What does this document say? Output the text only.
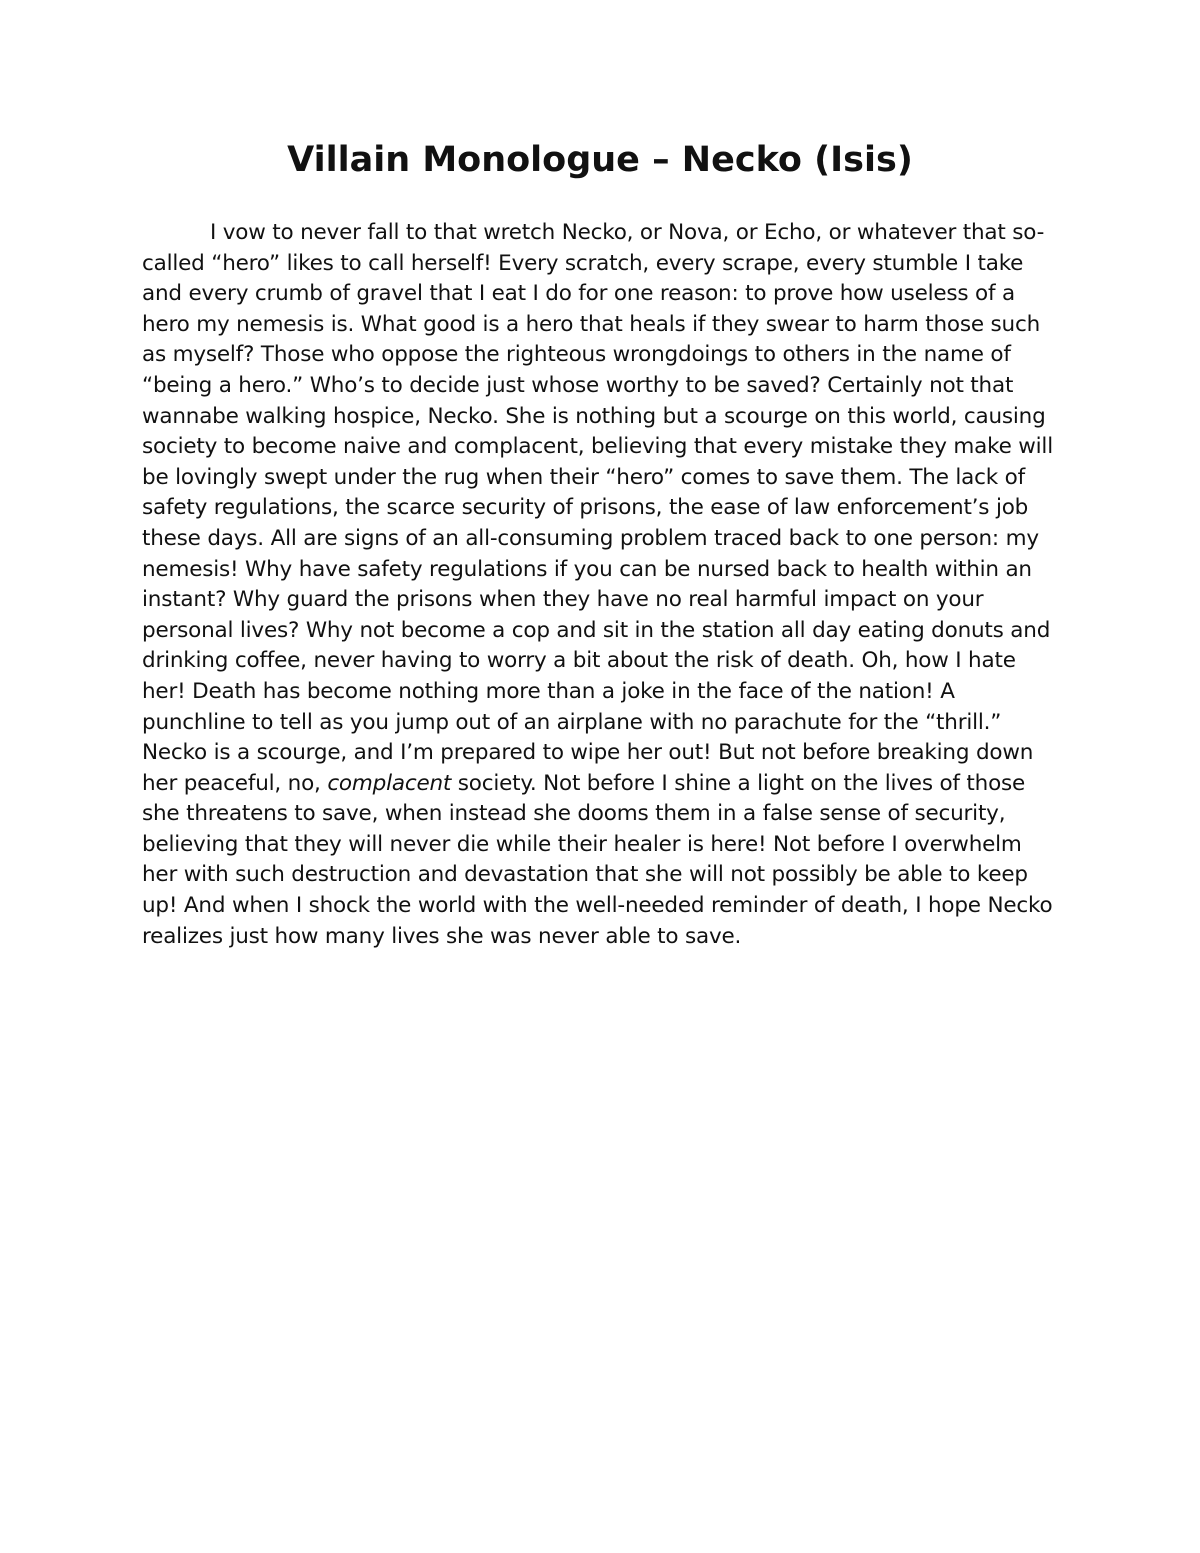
Villain Monologue – Necko (Isis)

I vow to never fall to that wretch Necko, or Nova, or Echo, or whatever that so-called “hero” likes to call herself! Every scratch, every scrape, every stumble I take and every crumb of gravel that I eat I do for one reason: to prove how useless of a hero my nemesis is. What good is a hero that heals if they swear to harm those such as myself? Those who oppose the righteous wrongdoings to others in the name of “being a hero.” Who’s to decide just whose worthy to be saved? Certainly not that wannabe walking hospice, Necko. She is nothing but a scourge on this world, causing society to become naive and complacent, believing that every mistake they make will be lovingly swept under the rug when their “hero” comes to save them. The lack of safety regulations, the scarce security of prisons, the ease of law enforcement’s job these days. All are signs of an all-consuming problem traced back to one person: my nemesis! Why have safety regulations if you can be nursed back to health within an instant? Why guard the prisons when they have no real harmful impact on your personal lives? Why not become a cop and sit in the station all day eating donuts and drinking coffee, never having to worry a bit about the risk of death. Oh, how I hate her! Death has become nothing more than a joke in the face of the nation! A punchline to tell as you jump out of an airplane with no parachute for the “thrill.” Necko is a scourge, and I’m prepared to wipe her out! But not before breaking down her peaceful, no, complacent society. Not before I shine a light on the lives of those she threatens to save, when instead she dooms them in a false sense of security, believing that they will never die while their healer is here! Not before I overwhelm her with such destruction and devastation that she will not possibly be able to keep up! And when I shock the world with the well-needed reminder of death, I hope Necko realizes just how many lives she was never able to save.
